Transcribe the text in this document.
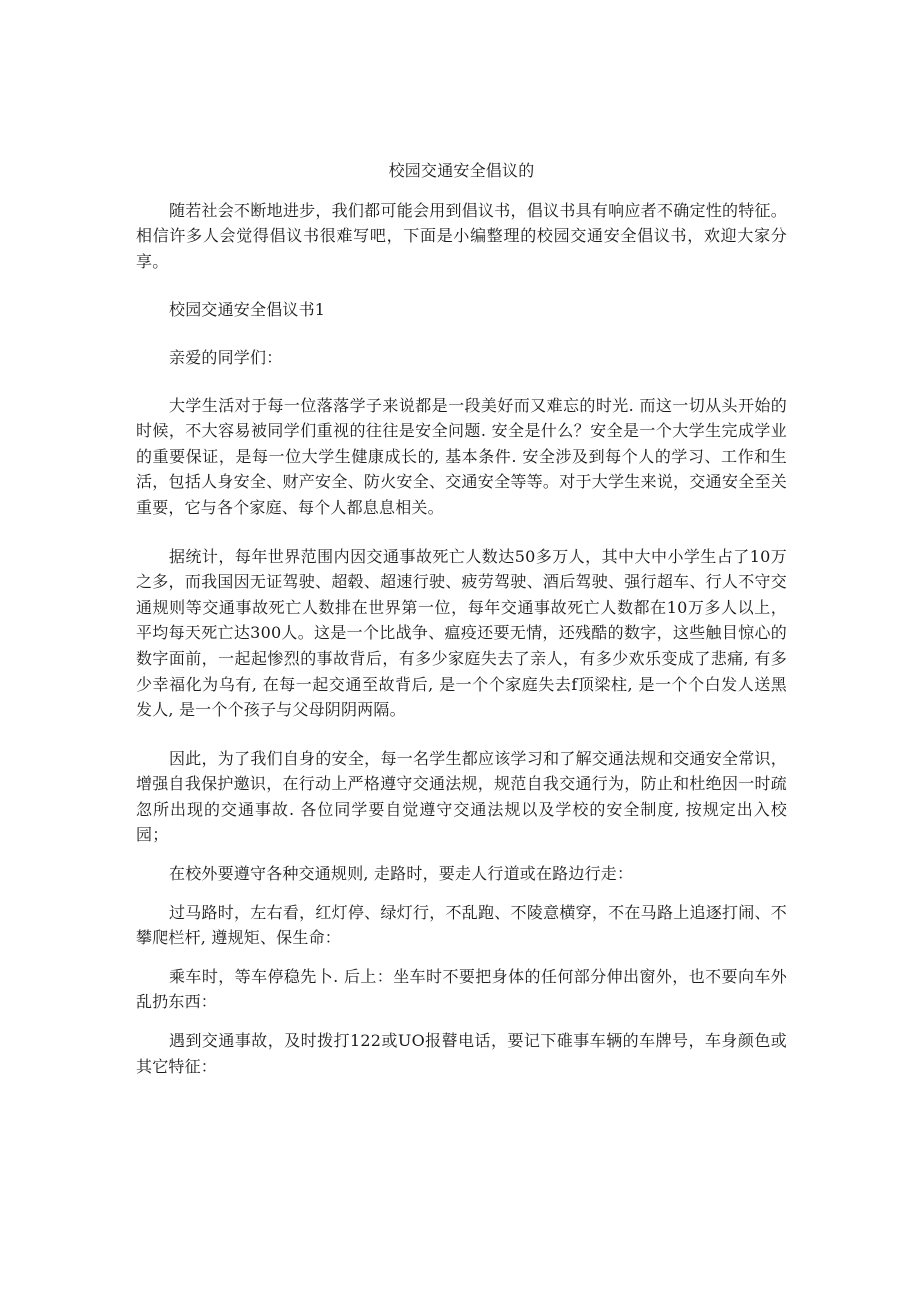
校园交通安全倡议的

随若社会不断地进步，我们都可能会用到倡议书，倡议书具有响应者不确定性的特征。相信许多人会觉得倡议书很难写吧，下面是小编整理的校园交通安全倡议书，欢迎大家分享。

校园交通安全倡议书1

亲爱的同学们：

大学生活对于每一位落落学子来说都是一段美好而又难忘的时光. 而这一切从头开始的时候，不大容易被同学们重视的往往是安全问题. 安全是什么？安全是一个大学生完成学业的重要保证，是每一位大学生健康成长的, 基本条件. 安全涉及到每个人的学习、工作和生活，包括人身安全、财产安全、防火安全、交通安全等等。对于大学生来说，交通安全至关重要，它与各个家庭、每个人都息息相关。

据统计，每年世界范围内因交通事故死亡人数达50多万人，其中大中小学生占了10万之多，而我国因无证驾驶、超毂、超速行驶、疲劳驾驶、酒后驾驶、强行超车、行人不守交通规则等交通事故死亡人数排在世界第一位，每年交通事故死亡人数都在10万多人以上，平均每天死亡达300人。这是一个比战争、瘟疫还要无情，还残酷的数字，这些触目惊心的数字面前，一起起惨烈的事故背后，有多少家庭失去了亲人，有多少欢乐变成了悲痛, 有多少幸福化为乌有, 在每一起交通至故背后, 是一个个家庭失去f顶梁柱, 是一个个白发人送黑发人, 是一个个孩子与父母阴阴两隔。

因此，为了我们自身的安全，每一名学生都应该学习和了解交通法规和交通安全常识，增强自我保护邀识，在行动上严格遵守交通法规，规范自我交通行为，防止和杜绝因一时疏忽所出现的交通事故. 各位同学要自觉遵守交通法规以及学校的安全制度, 按规定出入校园；

在校外要遵守各种交通规则, 走路时，要走人行道或在路边行走：

过马路时，左右看，红灯停、绿灯行，不乱跑、不陵意横穿，不在马路上追逐打闹、不攀爬栏杆, 遵规矩、保生命：

乘车时，等车停稳先卜. 后上：坐车时不要把身体的任何部分伸出窗外，也不要向车外乱扔东西：

遇到交通事故，及时拨打122或UO报瞽电话，要记下碓事车辆的车牌号，车身颜色或其它特征：
